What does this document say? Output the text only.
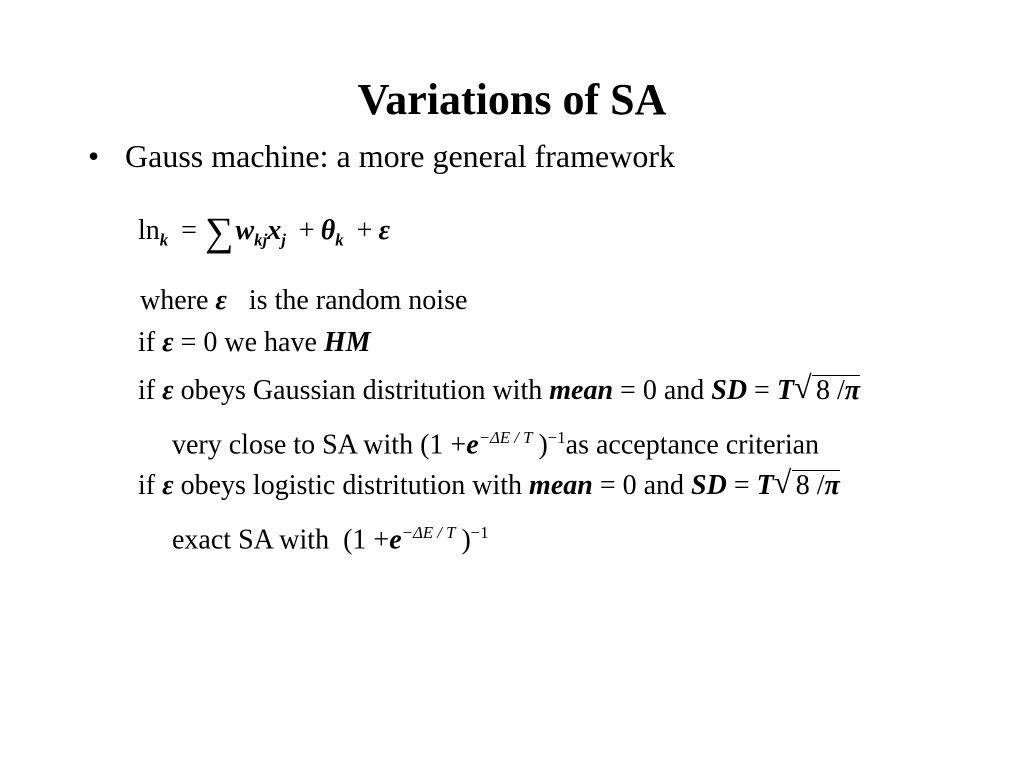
Variations of SA
• Gauss machine: a more general framework
$\ln_k = \sum w_{kj}x_j + \theta_k + \varepsilon$
where ε is the random noise
if ε = 0 we have HM
if ε obeys Gaussian distritution with mean = 0 and SD = T √ 8 /π
very close to SA with ($1 +e^{-\Delta E / T}$ )$^{-1}$as acceptance criterian
if ε obeys logistic distritution with mean = 0 and SD = T √ 8 /π
exact SA with ($1 +e^{-\Delta E / T}$ )$^{-1}$
